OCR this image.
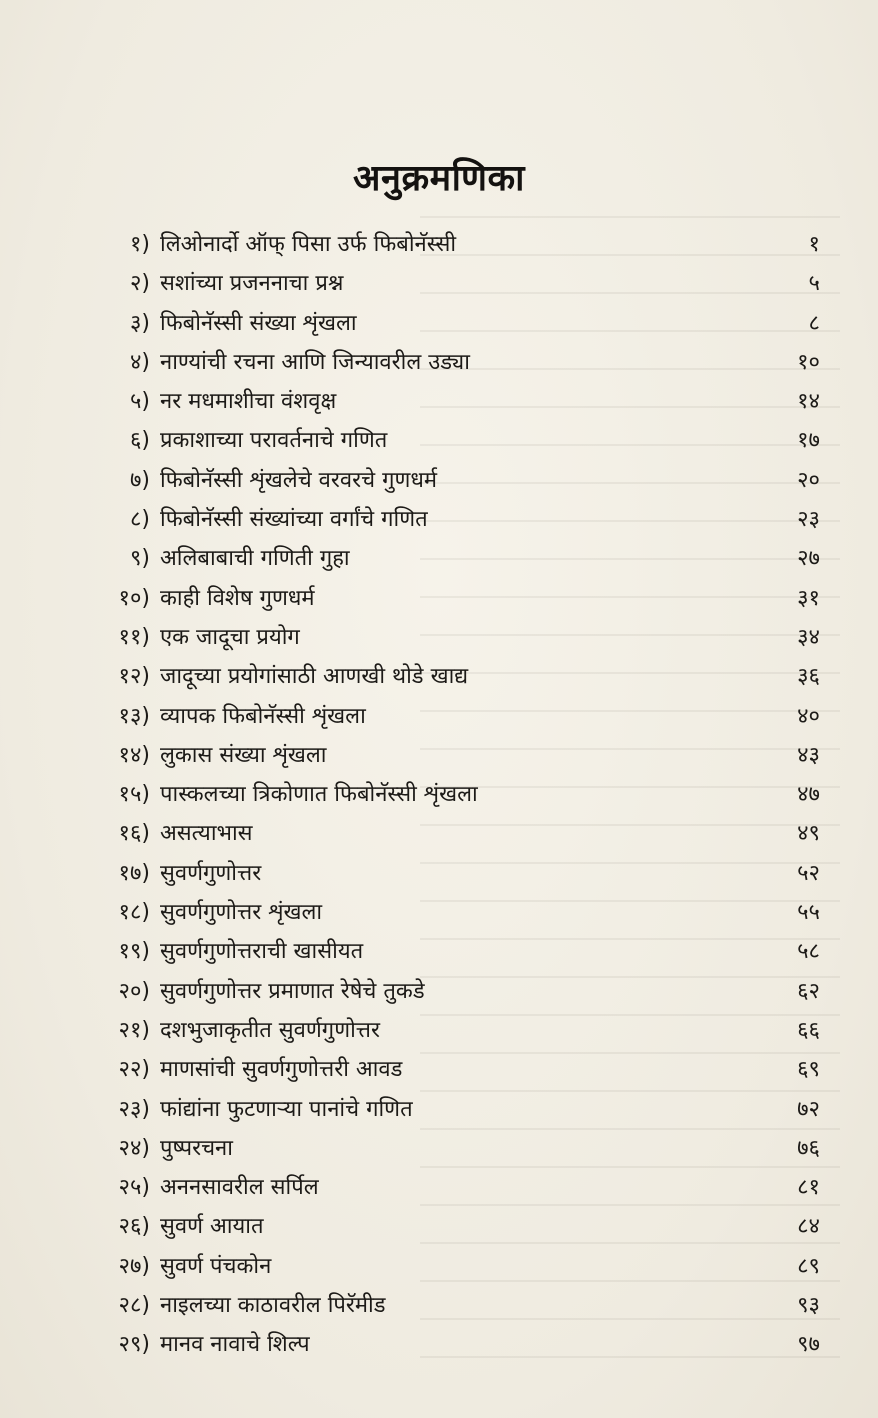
अनुक्रमणिका
१) लिओनार्दो ऑफ् पिसा उर्फ फिबोनॅस्सी	१
२) सशांच्या प्रजननाचा प्रश्न	५
३) फिबोनॅस्सी संख्या शृंखला	८
४) नाण्यांची रचना आणि जिन्यावरील उड्या	१०
५) नर मधमाशीचा वंशवृक्ष	१४
६) प्रकाशाच्या परावर्तनाचे गणित	१७
७) फिबोनॅस्सी शृंखलेचे वरवरचे गुणधर्म	२०
८) फिबोनॅस्सी संख्यांच्या वर्गांचे गणित	२३
९) अलिबाबाची गणिती गुहा	२७
१०) काही विशेष गुणधर्म	३१
११) एक जादूचा प्रयोग	३४
१२) जादूच्या प्रयोगांसाठी आणखी थोडे खाद्य	३६
१३) व्यापक फिबोनॅस्सी शृंखला	४०
१४) लुकास संख्या शृंखला	४३
१५) पास्कलच्या त्रिकोणात फिबोनॅस्सी शृंखला	४७
१६) असत्याभास	४९
१७) सुवर्णगुणोत्तर	५२
१८) सुवर्णगुणोत्तर शृंखला	५५
१९) सुवर्णगुणोत्तराची खासीयत	५८
२०) सुवर्णगुणोत्तर प्रमाणात रेषेचे तुकडे	६२
२१) दशभुजाकृतीत सुवर्णगुणोत्तर	६६
२२) माणसांची सुवर्णगुणोत्तरी आवड	६९
२३) फांद्यांना फुटणाऱ्या पानांचे गणित	७२
२४) पुष्परचना	७६
२५) अननसावरील सर्पिल	८१
२६) सुवर्ण आयात	८४
२७) सुवर्ण पंचकोन	८९
२८) नाइलच्या काठावरील पिरॅमीड	९३
२९) मानव नावाचे शिल्प	९७
